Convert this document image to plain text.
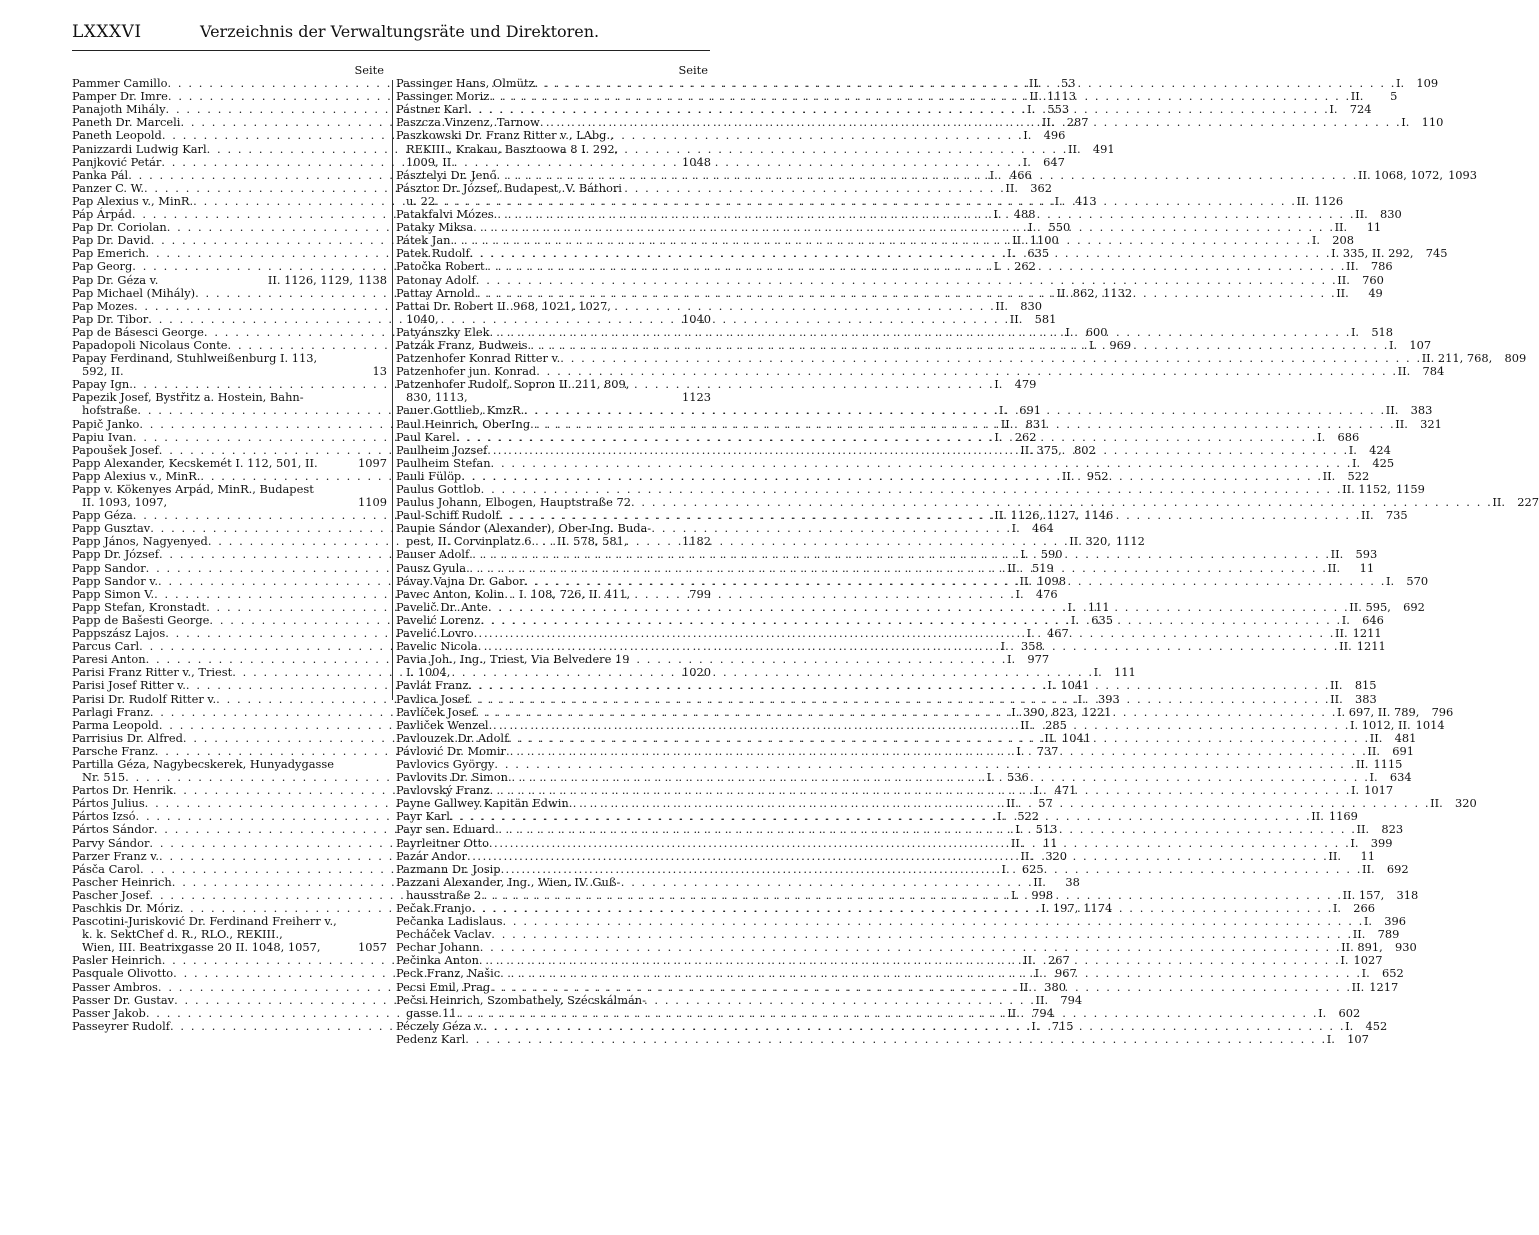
LXXXVI	Verzeichnis der Verwaltungsräte und Direktoren.
Seite
Pammer Camillo . . .	II.	53
Pamper Dr. Imre . . .	II. 1113
Panajoth Mihály . . .	I.	553
Paneth Dr. Marceli . . .	II.	287
Paneth Leopold . . .	I.	496
Panizzardi Ludwig Karl . . .	II.	491
Panjković Petár . . .	I.	647
Panka Pál . . .	I.	466
Panzer C. W. . . .	II.	362
Pap Alexius v., MinR. . . .	I.	413
Páp Árpád . . .	I.	488
Pap Dr. Coriolan . . .	I.	550
Pap Dr. David . . .	II. 1100
Pap Emerich . . .	I.	635
Pap Georg . . .	I.	262
Pap Dr. Géza v.	II. 1126, 1129, 1138
Pap Michael (Mihály) . . .	II. 862, 1132
Pap Mozes . . .	II.	830
Pap Dr. Tibor . . .	II.	581
Pap de Básesci George . . .	I.	600
Papadopoli Nicolaus Conte . . .	I.	969
Papay Ferdinand, Stuhlweißenburg I. 113,
592, II.	13
Papay Ign. . . .	I.	479
Papezik Josef, Bystřitz a. Hostein, Bahn-
hofstraße . . .	I.	691
Papič Janko . . .	II.	831
Papiu Ivan . . .	I.	262
Papoušek Josef . . .	II. 375,	802
Papp Alexander, Kecskemét I. 112, 501, II.	1097
Papp Alexius v., MinR. . . .	II.	952
Papp v. Kökenyes Arpád, MinR., Budapest
II. 1093, 1097,	1109
Papp Géza . . .	II. 1126, 1127, 1146
Papp Gusztav . . .	I.	464
Papp János, Nagyenyed . . .	II. 320, 1112
Papp Dr. József . . .	I.	590
Papp Sandor . . .	II.	519
Papp Sandor v. . . .	II. 1098
Papp Simon V. . . .	I.	476
Papp Stefan, Kronstadt . . .	I.	111
Papp de Bašesti George . . .	I.	635
Pappszász Lajos . . .	I.	467
Parcus Carl . . .	I.	358
Paresi Anton . . .	I.	977
Parisi Franz Ritter v., Triest . . .	I.	111
Parisi Josef Ritter v. . . .	I. 1041
Parisi Dr. Rudolf Ritter v. . . .	I.	393
Parlagi Franz . . .	I. 390, 823, 1221
Parma Leopold . . .	II.	285
Parrisius Dr. Alfred . . .	II. 1041
Parsche Franz . . .	I.	737
Partilla Géza, Nagybecskerek, Hunyadygasse
Nr. 515 . . .	I.	536
Partos Dr. Henrik . . .	I.	471
Pártos Julius . . .	II.	57
Pártos Izsó . . .	I.	522
Pártos Sándor . . .	I.	513
Parvy Sándor . . .	II.	11
Parzer Franz v. . . .	II.	320
Pásča Carol . . .	I.	625
Pascher Heinrich . . .	II.	38
Pascher Josef . . .	I.	998
Paschkis Dr. Móriz . . .	I. 197, 1174
Pascotini-Jurisković Dr. Ferdinand Freiherr v.,
k. k. SektChef d. R., RLO., REKIII.,
Wien, III. Beatrixgasse 20 II. 1048, 1057,	1057
Pasler Heinrich . . .	II.	267
Pasquale Olivotto . . .	I.	967
Passer Ambros . . .	II.	380
Passer Dr. Gustav . . .	II.	794
Passer Jakob . . .	II.	794
Passeyrer Rudolf . . .	I.	715
Seite
Passinger Hans, Olmütz . . .	I.	109
Passinger Moriz . . .	II.	5
Pástner Karl . . .	I.	724
Paszcza Vinzenz, Tarnow . . .	I.	110
Paszkowski Dr. Franz Ritter v., LAbg.,
REKIII., Krakau, Basztoowa 8 I. 292,
1009, II.	1048
Pásztelyi Dr. Jenő . . .	II. 1068, 1072, 1093
Pásztor Dr. József, Budapest, V. Báthori
u. 22 . . .	II. 1126
Patakfalvi Mózes . . .	II.	830
Pataky Miksa . . .	II.	11
Pátek Jan . . .	I.	208
Patek Rudolf . . .	I. 335, II. 292,	745
Patočka Robert . . .	II.	786
Patonay Adolf . . .	II.	760
Pattay Arnold . . .	II.	49
Pattai Dr. Robert II. 968, 1021, 1027,
1040,	1040
Patyánszky Elek . . .	I.	518
Patzák Franz, Budweis . . .	I.	107
Patzenhofer Konrad Ritter v. . . .	II. 211, 768,	809
Patzenhofer jun. Konrad . . .	II.	784
Patzenhofer Rudolf, Sopron II. 211, 809,
830, 1113,	1123
Pauer Gottlieb, KmzR. . . .	II.	383
Paul Heinrich, OberIng. . . .	II.	321
Paul Karel . . .	I.	686
Paulheim Jozsef . . .	I.	424
Paulheim Stefan . . .	I.	425
Pauli Fülöp . . .	II.	522
Paulus Gottlob . . .	II. 1152, 1159
Paulus Johann, Elbogen, Hauptstraße 72 . . .	II.	227
Paul-Schiff Rudolf . . .	II.	735
Paupie Sándor (Alexander), Ober-Ing. Buda-
pest, II. Corvinplatz 6 . . . II. 578, 581,	1182
Pauser Adolf . . .	II.	593
Pausz Gyula . . .	II.	11
Pávay Vajna Dr. Gabor . . .	I.	570
Pavec Anton, Kolin. . I. 108, 726, II. 411,	799
Pavelič Dr. Ante . . .	II. 595,	692
Pavelić Lorenz . . .	I.	646
Pavelić Lovro . . .	II. 1211
Pavelic Nicola . . .	II. 1211
Pavia Joh., Ing., Triest, Via Belvedere 19
I. 1004,	1020
Pavlát Franz . . .	II.	815
Pavlica Josef . . .	II.	383
Pavlíček Josef . . .	I. 697, II. 789,	796
Pavliček Wenzel . . .	I. 1012, II. 1014
Pavlouzek Dr. Adolf . . .	II.	481
Pávlović Dr. Momir . . .	II.	691
Pavlovics György . . .	II. 1115
Pavlovits Dr. Simon . . .	I.	634
Pavlovský Franz . . .	I. 1017
Payne Gallwey Kapitän Edwin . . .	II.	320
Payr Karl . . .	II. 1169
Payr sen. Eduard . . .	II.	823
Payrleitner Otto . . .	I.	399
Pazár Andor . . .	II.	11
Pazmann Dr. Josip . . .	II.	692
Pazzani Alexander, Ing., Wien, IV. Guß-
hausstraße 2 . . .	II. 157,	318
Pečak Franjo . . .	I.	266
Pečanka Ladislaus . . .	I.	396
Pecháček Vaclav . . .	II.	789
Pechar Johann . . .	II. 891,	930
Pečinka Anton . . .	I. 1027
Peck Franz, Našic . . .	I.	652
Pecsi Emil, Prag . . .	II. 1217
Pečsi Heinrich, Szombathely, Szécskálmán-
gasse 11 . . .	I.	602
Péczely Géza v. . . .	I.	452
Pedenz Karl . . .	I.	107
